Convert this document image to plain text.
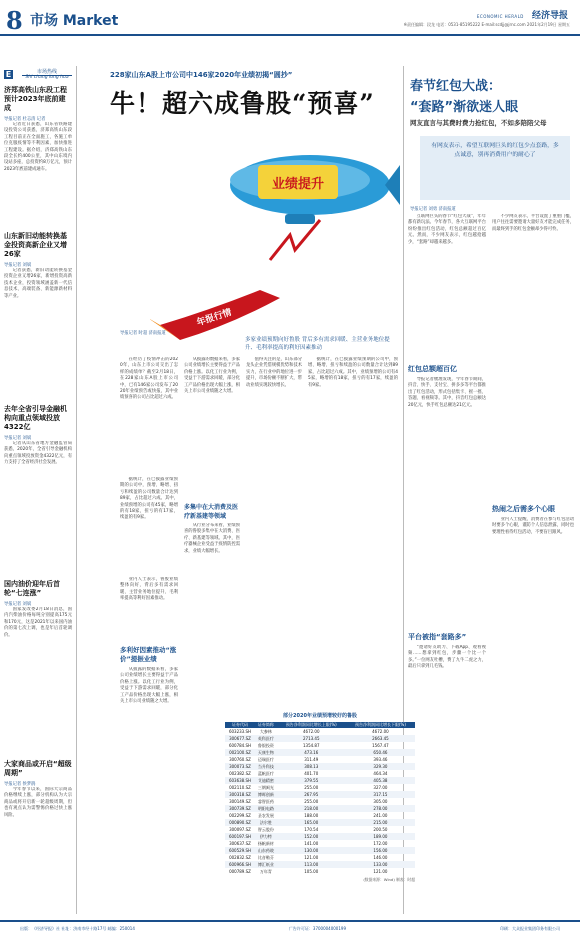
8 市场 Market	ECONOMIC HERALD 经济导报
※责任编辑：段龙 电话：0531-85195222 E-mail:scdjj@jrnc.com 2021年2月19日 星期五
E	市场热线
Shi chang long hua
济郑高铁山东段工程预计2023年底前建成
导报记者 杜志清 记者
记者近日获悉，山东省铁路建设投资公司获悉，济郑高铁山东段工程目前正在全面施工，各施工单位克服疫情等不利因素，加快推进工程建设。据介绍，济郑高铁山东段全长约400公里，其中山东境内设站多座，总投资约8万亿元，预计2023年底前建成通车。
山东新旧动能转换基金投资高新企业又增26家
导报记者 刘斌
记者获悉，新旧动能转换基金投资企业又增26家，新增投资高新技术企业，投资领域涵盖新一代信息技术、高端装备、新能源新材料等产业。
去年全省引导金融机构向重点领域投放4322亿
导报记者 刘斌
记者从山东省地方金融监管局获悉，2020年，全省引导金融机构向重点领域投放资金4322亿元，有力支持了全省经济社会发展。
国内油价迎年后首轮“七连涨”
导报记者 刘斌
国家发改委2月18日消息，国内汽柴油价格每吨分别提高175元和170元，这是2021年以来国内油价的第七次上调，也是年后首轮调价。
大家商品或开启“超级周期”
导报记者 侯梦鹃
今年春节以来，国际大宗商品价格继续上涨，部分机构认为大宗商品或将开启新一轮超级周期，但也有观点认为需警惕价格过快上涨风险。
228家山东A股上市公司中146家2020年业绩初揭“圆抄”
牛！超六成鲁股“预喜”
业绩提升
年报行情
多家业绩预期向好鲁股 背后多有需求回暖、主营业务地位提升、毛利率提高的利好因素推动
导报记者 时超 济南报道
在经历了疫情冲击的2020年，山东上市公司交出了怎样的成绩单？截至2月18日，在228家山东A股上市公司中，已有146家公司发布了2020年业绩预告或快报，其中业绩预喜的公司占比超过六成。
据统计，在已披露业绩预期的公司中，预增、略增、扭亏和续盈的公司数量合计达到89家，占比超过六成。其中，业绩预增的公司有45家，略增的有18家，扭亏的有17家，续盈的有9家。
业内人士表示，鲁股业绩整体向好，背后多有需求回暖、主营业务地位提升、毛利率提高等利好因素推动。
多利好因素推动“涨价”提振业绩
从披露的数据来看，多家公司业绩增长主要得益于产品价格上涨。以化工行业为例，受益于下游需求回暖，部分化工产品价格出现大幅上涨，相关上市公司业绩随之大增。
从披露的数据来看，多家公司业绩增长主要得益于产品价格上涨。以化工行业为例，受益于下游需求回暖，部分化工产品价格出现大幅上涨，相关上市公司业绩随之大增。
多集中在大消费及医疗新基建等领域
从行业分布来看，业绩预喜的鲁股多集中在大消费、医疗、新基建等领域。其中，医疗器械企业受益于疫情防控需求，业绩大幅增长。
值得关注的是，山东部分龙头企业凭借规模优势和技术实力，在行业中的地位进一步提升，市场份额不断扩大，带动业绩实现较快增长。
据统计，在已披露业绩预期的公司中，预增、略增、扭亏和续盈的公司数量合计达到89家，占比超过六成。其中，业绩预增的公司有45家，略增的有18家，扭亏的有17家，续盈的有9家。
部分2020年业绩预增较好的鲁股
证券代码	证券简称	预告净利润同比增长上限(%)	预告净利润同比增长下限(%)
603233.SH	大参林	4672.00	4672.00
300677.SZ	英科医疗	2713.45	2663.45
600784.SH	鲁银投资	1354.87	1567.47
002100.SZ	天康生物	473.16	650.46
300760.SZ	迈瑞医疗	311.49	393.46
300073.SZ	当升科技	308.13	329.30
002382.SZ	蓝帆医疗	401.70	464.34
603638.SH	艾迪精密	379.55	405.38
002110.SZ	三钢闽光	255.00	327.00
300318.SZ	博晖创新	267.95	317.15
300149.SZ	睿智医药	255.00	305.00
300739.SZ	明阳电路	218.00	278.00
002299.SZ	圣农发展	188.00	241.00
000890.SZ	法尔胜	165.00	215.00
300097.SZ	智云股份	170.54	200.50
600197.SH	伊力特	152.00	189.00
300637.SZ	扬帆新材	141.00	172.00
600529.SH	山东药玻	130.00	156.00
002832.SZ	比音勒芬	121.00	146.00
600966.SH	博汇纸业	113.00	133.00
000789.SZ	万年青	105.00	121.00
(数据来源：Wind) 制表：时超
春节红包大战：
“套路”渐欲迷人眼
网友直言与其费时费力抢红包，不如多陪陪父母
有网友表示，希望互联网巨头的红包少点套路，多点诚意，别再消费用户的耐心了
导报记者 刘勇 济南报道
互联网巨头的春节“红包大战”，年年都有新玩法。今年春节，各大互联网平台纷纷推出红包活动，红包总额超过百亿元。然而，不少网友表示，红包越抢越少，“套路”却越来越多。
红包总额超百亿
导报记者梳理发现，今年春节期间，抖音、快手、支付宝、拼多多等平台都推出了红包活动，形式包括集卡、摇一摇、答题、看视频等。其中，抖音红包总额达20亿元，快手红包总额达21亿元。
平台被指“套路多”
“邀请好友助力、下载App、观看视频……想拿到红包，步骤一个比一个多。”一位网友吐槽，费了九牛二虎之力，最后只拿到几毛钱。
不少网友表示，平台设置了重重门槛，用户往往需要邀请大量好友才能完成任务，而最终到手的红包金额却少得可怜。
热闹之后需多个心眼
业内人士提醒，消费者在参与红包活动时要多个心眼，谨防个人信息泄露，同时也要理性看待红包活动，不要盲目跟风。
出版：《经济导报》社 社址：济南市经十路17号 邮编：250014	广告许可证：3700004000199	印刷：大众报业集团印务有限公司
